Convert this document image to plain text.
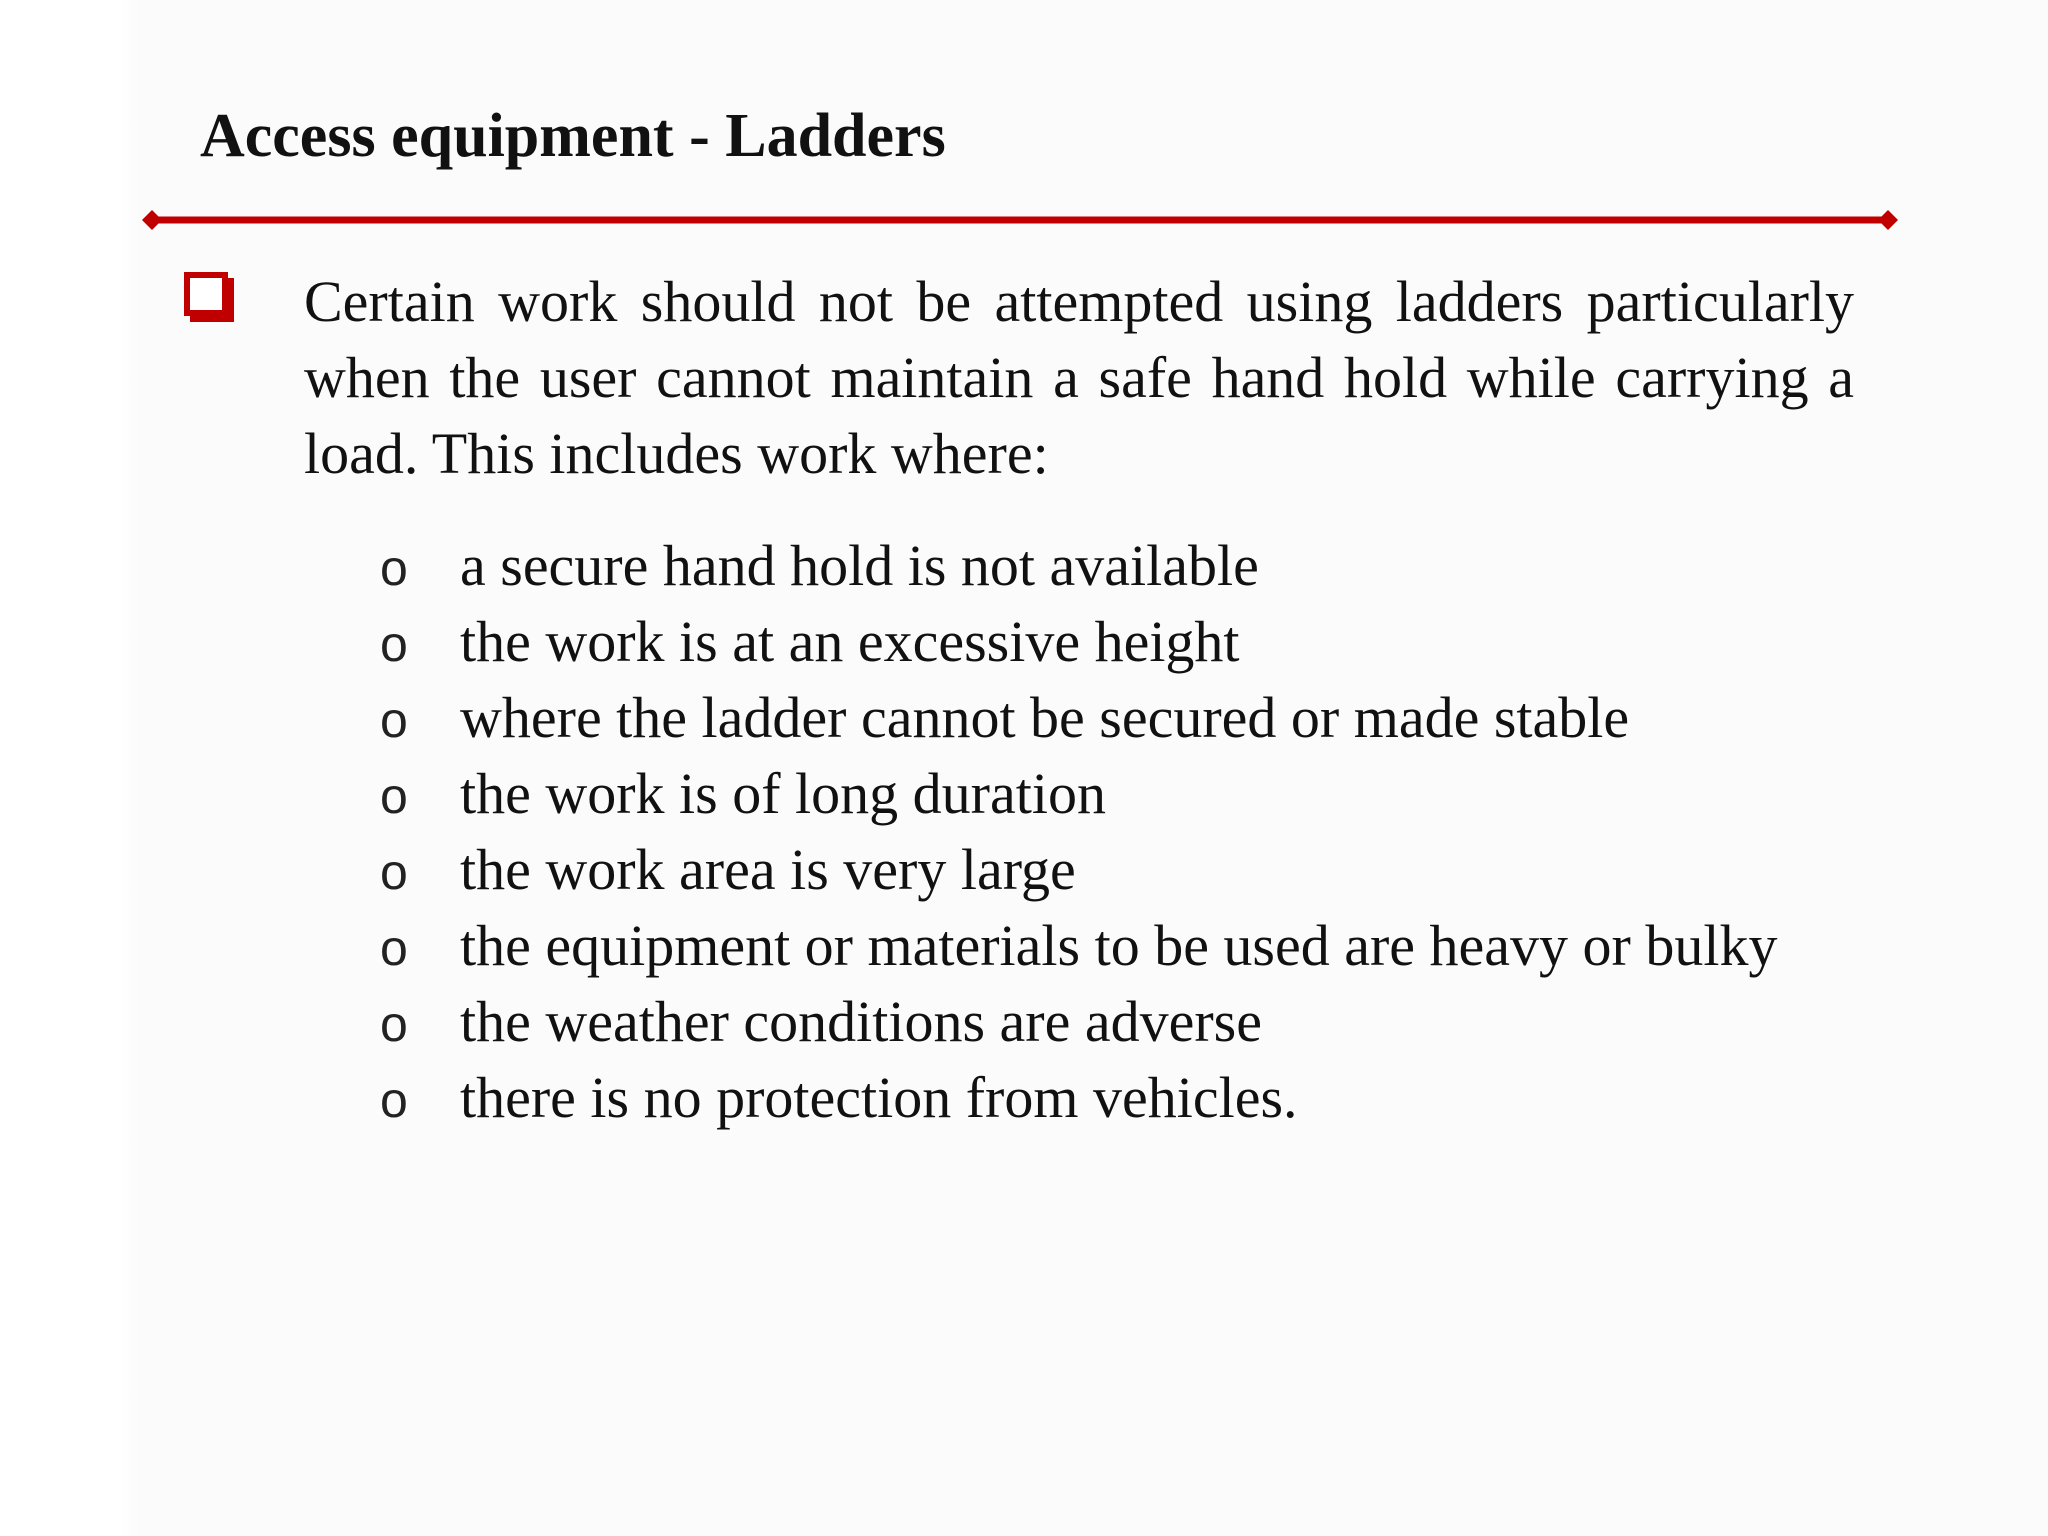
Access equipment - Ladders
Certain work should not be attempted using ladders particularly when the user cannot maintain a safe hand hold while carrying a load. This includes work where:
o a secure hand hold is not available
o the work is at an excessive height
o where the ladder cannot be secured or made stable
o the work is of long duration
o the work area is very large
o the equipment or materials to be used are heavy or bulky
o the weather conditions are adverse
o there is no protection from vehicles.
